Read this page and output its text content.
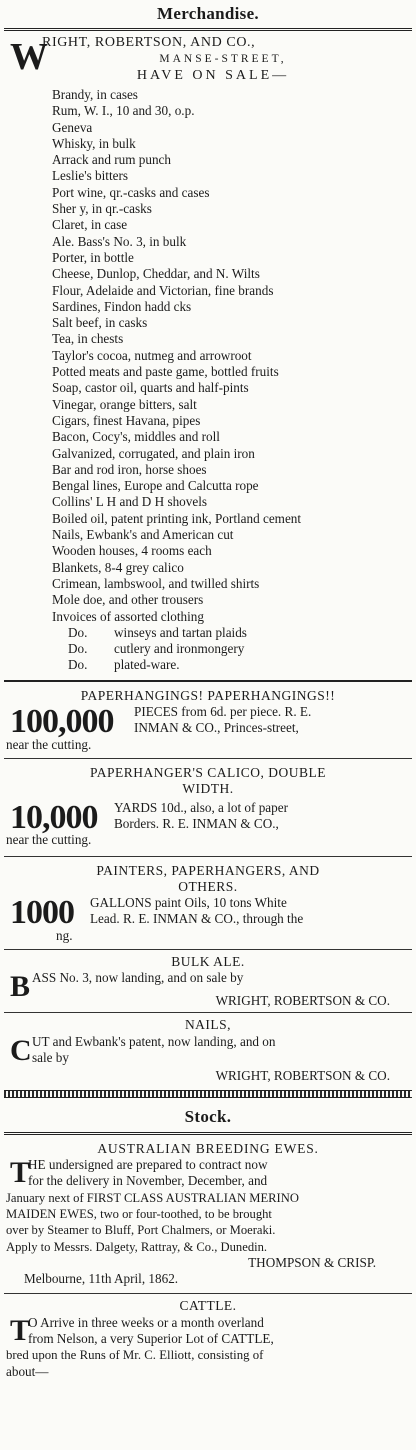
Merchandise.
W
RIGHT, ROBERTSON, AND CO.,
MANSE-STREET,
HAVE ON SALE—
Brandy, in cases
Rum, W. I., 10 and 30, o.p.
Geneva
Whisky, in bulk
Arrack and rum punch
Leslie's bitters
Port wine, qr.-casks and cases
Sher y, in qr.-casks
Claret, in case
Ale. Bass's No. 3, in bulk
Porter, in bottle
Cheese, Dunlop, Cheddar, and N. Wilts
Flour, Adelaide and Victorian, fine brands
Sardines, Findon hadd cks
Salt beef, in casks
Tea, in chests
Taylor's cocoa, nutmeg and arrowroot
Potted meats and paste game, bottled fruits
Soap, castor oil, quarts and half-pints
Vinegar, orange bitters, salt
Cigars, finest Havana, pipes
Bacon, Cocy's, middles and roll
Galvanized, corrugated, and plain iron
Bar and rod iron, horse shoes
Bengal lines, Europe and Calcutta rope
Collins' L H and D H shovels
Boiled oil, patent printing ink, Portland cement
Nails, Ewbank's and American cut
Wooden houses, 4 rooms each
Blankets, 8-4 grey calico
Crimean, lambswool, and twilled shirts
Mole doe, and other trousers
Invoices of assorted clothing
Do. winseys and tartan plaids
Do. cutlery and ironmongery
Do. plated-ware.
PAPERHANGINGS! PAPERHANGINGS!!
100,000	PIECES from 6d. per piece. R. E.
INMAN & CO., Princes-street,
near the cutting.
PAPERHANGER'S CALICO, DOUBLE
WIDTH.
10,000	YARDS 10d., also, a lot of paper
Borders. R. E. INMAN & CO.,
near the cutting.
PAINTERS, PAPERHANGERS, AND
OTHERS.
1000	GALLONS paint Oils, 10 tons White
Lead. R. E. INMAN & CO., through the
ng.
BULK ALE.
B ASS No. 3, now landing, and on sale by
WRIGHT, ROBERTSON & CO.
NAILS,
C UT and Ewbank's patent, now landing, and on
sale by
WRIGHT, ROBERTSON & CO.
Stock.
AUSTRALIAN BREEDING EWES.
T
HE undersigned are prepared to contract now
for the delivery in November, December, and
January next of FIRST CLASS AUSTRALIAN MERINO
MAIDEN EWES, two or four-toothed, to be brought
over by Steamer to Bluff, Port Chalmers, or Moeraki.
Apply to Messrs. Dalgety, Rattray, & Co., Dunedin.
THOMPSON & CRISP.
Melbourne, 11th April, 1862.
CATTLE.
T
O Arrive in three weeks or a month overland
from Nelson, a very Superior Lot of CATTLE,
bred upon the Runs of Mr. C. Elliott, consisting of
about—
